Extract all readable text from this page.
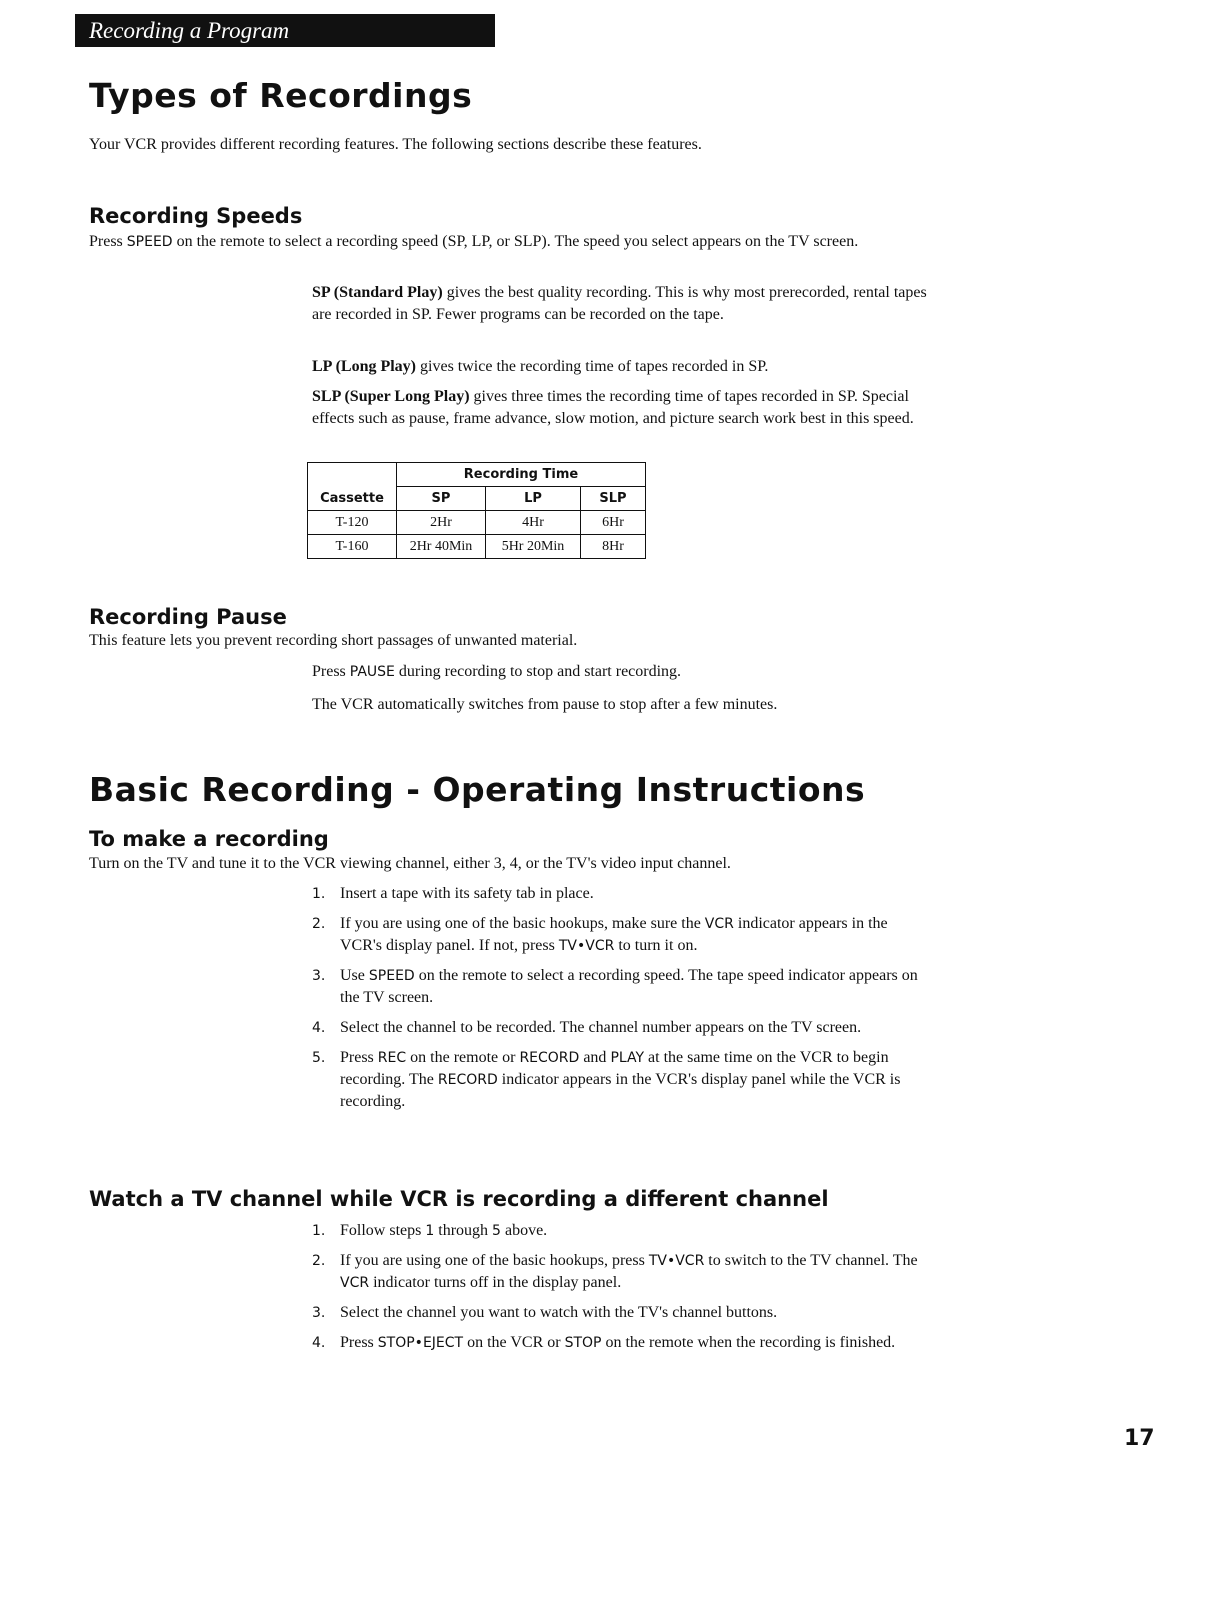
Recording a Program
Types of Recordings

Your VCR provides different recording features. The following sections describe these features.

Recording Speeds

Press SPEED on the remote to select a recording speed (SP, LP, or SLP). The speed you select appears on the TV screen.

SP (Standard Play) gives the best quality recording. This is why most prerecorded, rental tapes are recorded in SP. Fewer programs can be recorded on the tape.

LP (Long Play) gives twice the recording time of tapes recorded in SP.

SLP (Super Long Play) gives three times the recording time of tapes recorded in SP. Special effects such as pause, frame advance, slow motion, and picture search work best in this speed.

	Recording Time		
Cassette	SP	LP	SLP
T-120	2Hr	4Hr	6Hr
T-160	2Hr 40Min	5Hr 20Min	8Hr
Recording Pause

This feature lets you prevent recording short passages of unwanted material.

Press PAUSE during recording to stop and start recording.

The VCR automatically switches from pause to stop after a few minutes.

Basic Recording - Operating Instructions
To make a recording

Turn on the TV and tune it to the VCR viewing channel, either 3, 4, or the TV's video input channel.

1. Insert a tape with its safety tab in place.
2. If you are using one of the basic hookups, make sure the VCR indicator appears in the VCR's display panel. If not, press TV•VCR to turn it on.
3. Use SPEED on the remote to select a recording speed. The tape speed indicator appears on the TV screen.
4. Select the channel to be recorded. The channel number appears on the TV screen.
5. Press REC on the remote or RECORD and PLAY at the same time on the VCR to begin recording. The RECORD indicator appears in the VCR's display panel while the VCR is recording.
Watch a TV channel while VCR is recording a different channel
1. Follow steps 1 through 5 above.
2. If you are using one of the basic hookups, press TV•VCR to switch to the TV channel. The VCR indicator turns off in the display panel.
3. Select the channel you want to watch with the TV's channel buttons.
4. Press STOP•EJECT on the VCR or STOP on the remote when the recording is finished.
17
